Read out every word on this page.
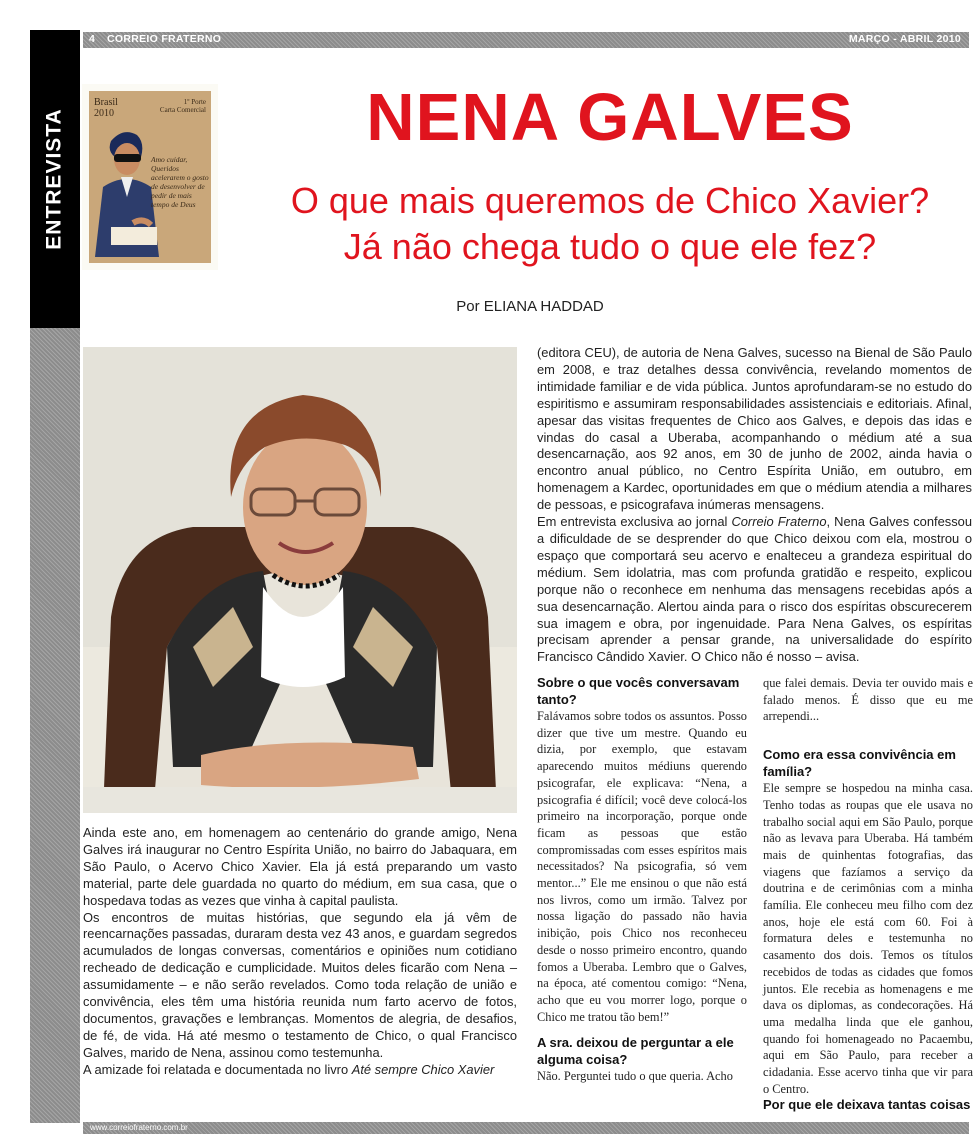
4 CORREIO FRATERNO	MARÇO - ABRIL 2010
ENTREVISTA
Brasil
2010
1º Porte
Carta Comercial
Amo cuidar, Queridos acelerarem o gosto de desenvolver de pedir de mais tempo de Deus
NENA GALVES
O que mais queremos de Chico Xavier?
Já não chega tudo o que ele fez?
Por ELIANA HADDAD

Ainda este ano, em homenagem ao centenário do grande amigo, Nena Galves irá inaugurar no Centro Espírita União, no bairro do Jabaquara, em São Paulo, o Acervo Chico Xavier. Ela já está preparando um vasto material, parte dele guardada no quarto do médium, em sua casa, que o hospedava todas as vezes que vinha à capital paulista.

Os encontros de muitas histórias, que segundo ela já vêm de reencarnações passadas, duraram desta vez 43 anos, e guardam segredos acumulados de longas conversas, comentários e opiniões num cotidiano recheado de dedicação e cumplicidade. Muitos deles ficarão com Nena – assumidamente – e não serão revelados. Como toda relação de união e convivência, eles têm uma história reunida num farto acervo de fotos, documentos, gravações e lembranças. Momentos de alegria, de desafios, de fé, de vida. Há até mesmo o testamento de Chico, o qual Francisco Galves, marido de Nena, assinou como testemunha.

A amizade foi relatada e documentada no livro Até sempre Chico Xavier

(editora CEU), de autoria de Nena Galves, sucesso na Bienal de São Paulo em 2008, e traz detalhes dessa convivência, revelando momentos de intimidade familiar e de vida pública. Juntos aprofundaram-se no estudo do espiritismo e assumiram responsabilidades assistenciais e editoriais. Afinal, apesar das visitas frequentes de Chico aos Galves, e depois das idas e vindas do casal a Uberaba, acompanhando o médium até a sua desencarnação, aos 92 anos, em 30 de junho de 2002, ainda havia o encontro anual público, no Centro Espírita União, em outubro, em homenagem a Kardec, oportunidades em que o médium atendia a milhares de pessoas, e psicografava inúmeras mensagens.

Em entrevista exclusiva ao jornal Correio Fraterno, Nena Galves confessou a dificuldade de se desprender do que Chico deixou com ela, mostrou o espaço que comportará seu acervo e enalteceu a grandeza espiritual do médium. Sem idolatria, mas com profunda gratidão e respeito, explicou porque não o reconhece em nenhuma das mensagens recebidas após a sua desencarnação. Alertou ainda para o risco dos espíritas obscurecerem sua imagem e obra, por ingenuidade. Para Nena Galves, os espíritas precisam aprender a pensar grande, na universalidade do espírito Francisco Cândido Xavier. O Chico não é nosso – avisa.

Sobre o que vocês conversavam tanto?

Falávamos sobre todos os assuntos. Posso dizer que tive um mestre. Quando eu dizia, por exemplo, que estavam aparecendo muitos médiuns querendo psicografar, ele explicava: “Nena, a psicografia é difícil; você deve colocá-los primeiro na incorporação, porque onde ficam as pessoas que estão compromissadas com esses espíritos mais necessitados? Na psicografia, só vem mentor...” Ele me ensinou o que não está nos livros, como um irmão. Talvez por nossa ligação do passado não havia inibição, pois Chico nos reconheceu desde o nosso primeiro encontro, quando fomos a Uberaba. Lembro que o Galves, na época, até comentou comigo: “Nena, acho que eu vou morrer logo, porque o Chico me tratou tão bem!”

A sra. deixou de perguntar a ele alguma coisa?

Não. Perguntei tudo o que queria. Acho

que falei demais. Devia ter ouvido mais e falado menos. É disso que eu me arrependi...

Como era essa convivência em família?

Ele sempre se hospedou na minha casa. Tenho todas as roupas que ele usava no trabalho social aqui em São Paulo, porque não as levava para Uberaba. Há também mais de quinhentas fotografias, das viagens que fazíamos a serviço da doutrina e de cerimônias com a minha família. Ele conheceu meu filho com dez anos, hoje ele está com 60. Foi à formatura deles e testemunha no casamento dos dois. Temos os títulos recebidos de todas as cidades que fomos juntos. Ele recebia as homenagens e me dava os diplomas, as condecorações. Há uma medalha linda que ele ganhou, quando foi homenageado no Pacaembu, aqui em São Paulo, para receber a cidadania. Esse acervo tinha que vir para o Centro.

Por que ele deixava tantas coisas

www.correiofraterno.com.br
